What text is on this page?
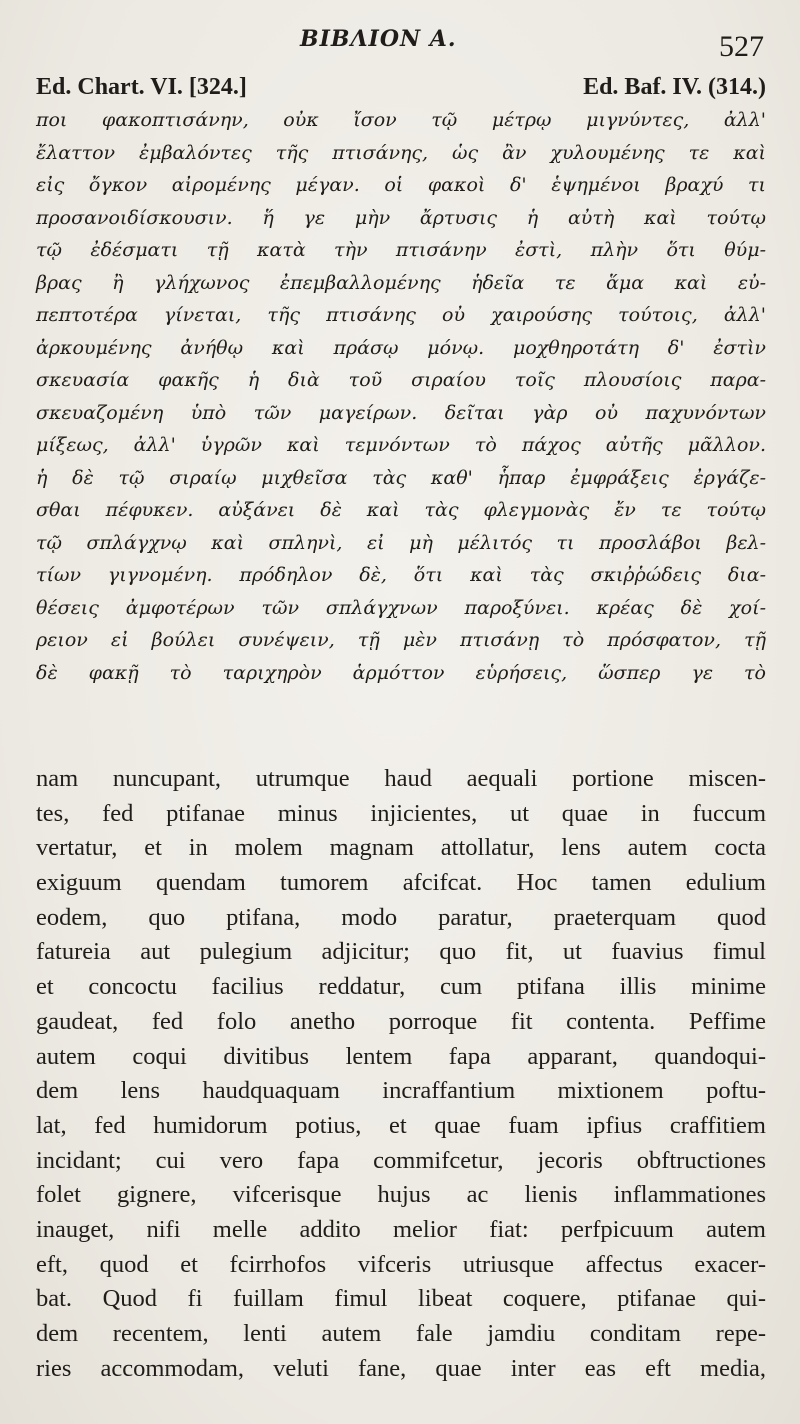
ΒΙΒΛΙΟΝ Α.	527
Ed. Chart. VI. [324.]	Ed. Baf. IV. (314.)
ποι φακοπτισάνην, οὐκ ἴσον τῷ μέτρῳ μιγνύντες, ἀλλ'
ἔλαττον ἐμβαλόντες τῆς πτισάνης, ὡς ἂν χυλουμένης τε καὶ
εἰς ὄγκον αἰρομένης μέγαν. οἱ φακοὶ δ' ἑψημένοι βραχύ τι
προσανοιδίσκουσιν. ἥ γε μὴν ἄρτυσις ἡ αὐτὴ καὶ τούτῳ
τῷ ἐδέσματι τῇ κατὰ τὴν πτισάνην ἐστὶ, πλὴν ὅτι θύμ-
βρας ἢ γλήχωνος ἐπεμβαλλομένης ἡδεῖα τε ἅμα καὶ εὐ-
πεπτοτέρα γίνεται, τῆς πτισάνης οὐ χαιρούσης τούτοις, ἀλλ'
ἀρκουμένης ἀνήθῳ καὶ πράσῳ μόνῳ. μοχθηροτάτη δ' ἐστὶν
σκευασία φακῆς ἡ διὰ τοῦ σιραίου τοῖς πλουσίοις παρα-
σκευαζομένη ὑπὸ τῶν μαγείρων. δεῖται γὰρ οὐ παχυνόντων
μίξεως, ἀλλ' ὑγρῶν καὶ τεμνόντων τὸ πάχος αὐτῆς μᾶλλον.
ἡ δὲ τῷ σιραίῳ μιχθεῖσα τὰς καθ' ἧπαρ ἐμφράξεις ἐργάζε-
σθαι πέφυκεν. αὐξάνει δὲ καὶ τὰς φλεγμονὰς ἔν τε τούτῳ
τῷ σπλάγχνῳ καὶ σπληνὶ, εἰ μὴ μέλιτός τι προσλάβοι βελ-
τίων γιγνομένη. πρόδηλον δὲ, ὅτι καὶ τὰς σκιῤῥώδεις δια-
θέσεις ἀμφοτέρων τῶν σπλάγχνων παροξύνει. κρέας δὲ χοί-
ρειον εἰ βούλει συνέψειν, τῇ μὲν πτισάνῃ τὸ πρόσφατον, τῇ
δὲ φακῇ τὸ ταριχηρὸν ἁρμόττον εὑρήσεις, ὥσπερ γε τὸ
nam nuncupant, utrumque haud aequali portione miscen-
tes, fed ptifanae minus injicientes, ut quae in fuccum
vertatur, et in molem magnam attollatur, lens autem cocta
exiguum quendam tumorem afcifcat. Hoc tamen edulium
eodem, quo ptifana, modo paratur, praeterquam quod
fatureia aut pulegium adjicitur; quo fit, ut fuavius fimul
et concoctu facilius reddatur, cum ptifana illis minime
gaudeat, fed folo anetho porroque fit contenta. Peffime
autem coqui divitibus lentem fapa apparant, quandoqui-
dem lens haudquaquam incraffantium mixtionem poftu-
lat, fed humidorum potius, et quae fuam ipfius craffitiem
incidant; cui vero fapa commifcetur, jecoris obftructiones
folet gignere, vifcerisque hujus ac lienis inflammationes
inauget, nifi melle addito melior fiat: perfpicuum autem
eft, quod et fcirrhofos vifceris utriusque affectus exacer-
bat. Quod fi fuillam fimul libeat coquere, ptifanae qui-
dem recentem, lenti autem fale jamdiu conditam repe-
ries accommodam, veluti fane, quae inter eas eft media,
